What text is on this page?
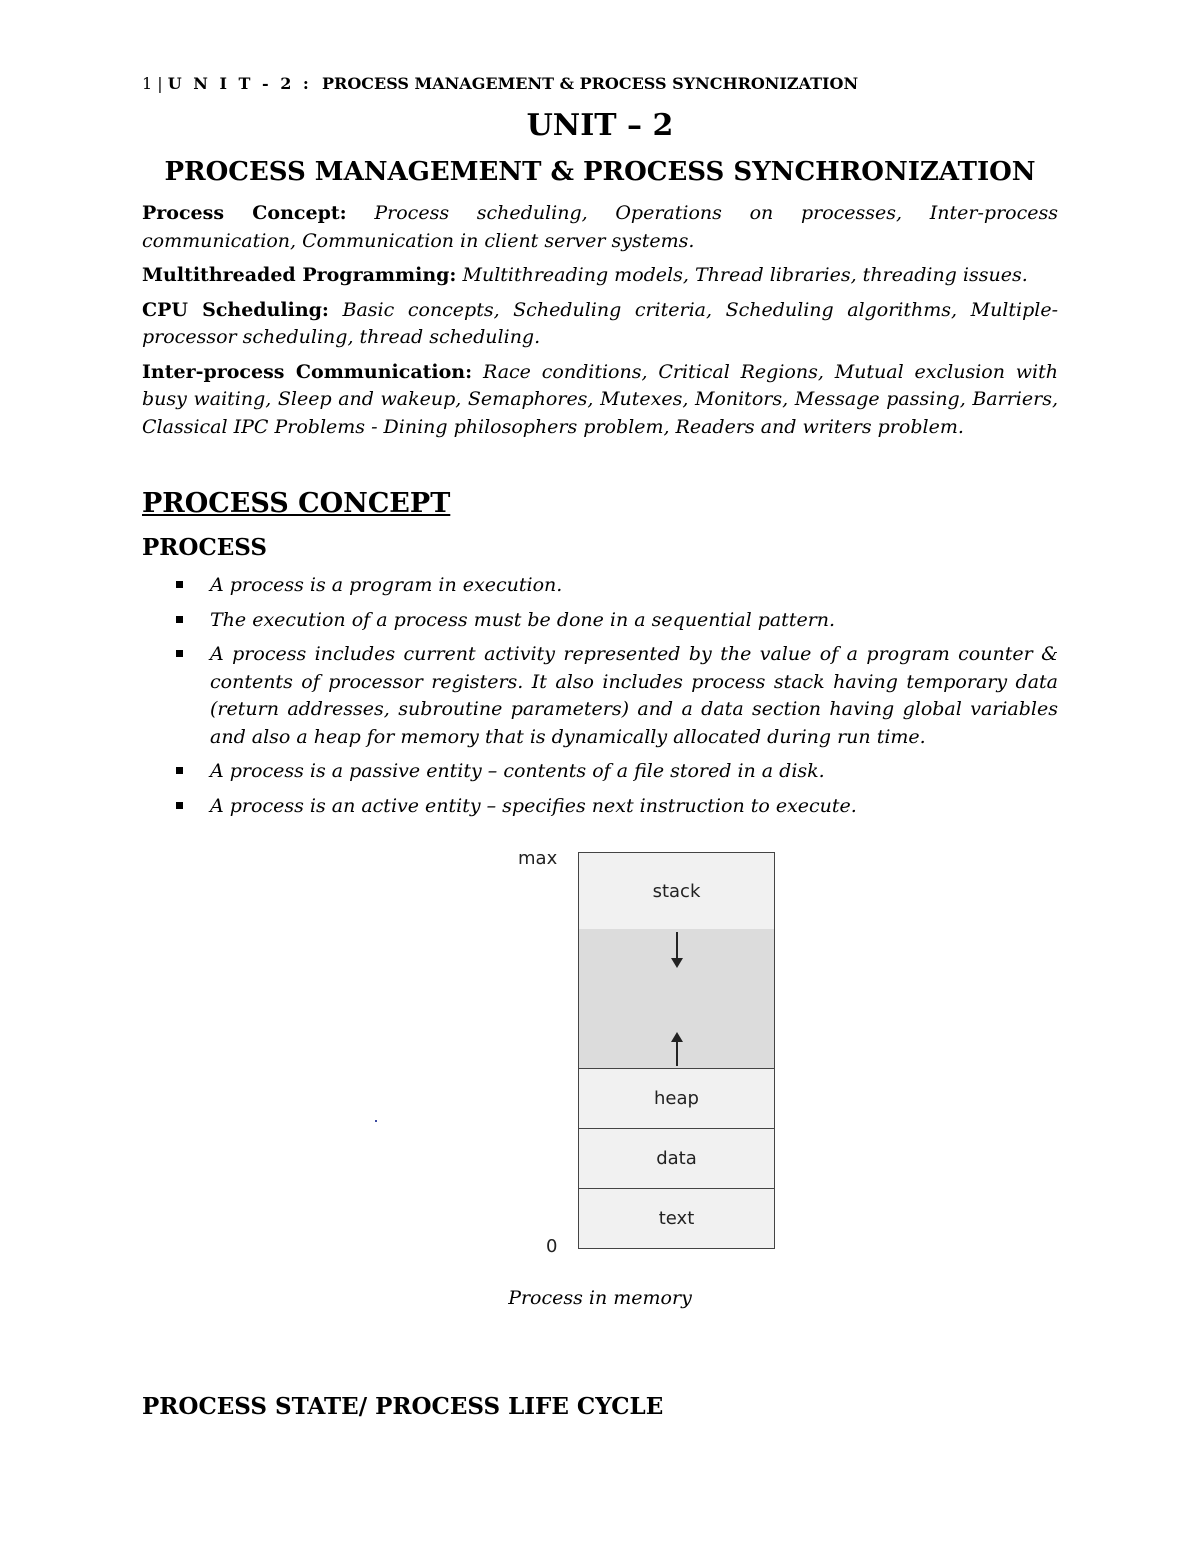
1 | U N I T - 2 : PROCESS MANAGEMENT & PROCESS SYNCHRONIZATION
UNIT – 2
PROCESS MANAGEMENT & PROCESS SYNCHRONIZATION

Process Concept: Process scheduling, Operations on processes, Inter-process communication, Communication in client server systems.

Multithreaded Programming: Multithreading models, Thread libraries, threading issues.

CPU Scheduling: Basic concepts, Scheduling criteria, Scheduling algorithms, Multiple-processor scheduling, thread scheduling.

Inter-process Communication: Race conditions, Critical Regions, Mutual exclusion with busy waiting, Sleep and wakeup, Semaphores, Mutexes, Monitors, Message passing, Barriers, Classical IPC Problems - Dining philosophers problem, Readers and writers problem.

PROCESS CONCEPT
PROCESS
A process is a program in execution.
The execution of a process must be done in a sequential pattern.
A process includes current activity represented by the value of a program counter & contents of processor registers. It also includes process stack having temporary data (return addresses, subroutine parameters) and a data section having global variables and also a heap for memory that is dynamically allocated during run time.
A process is a passive entity – contents of a file stored in a disk.
A process is an active entity – specifies next instruction to execute.
max
0
stack
heap
data
text
Process in memory
PROCESS STATE/ PROCESS LIFE CYCLE
